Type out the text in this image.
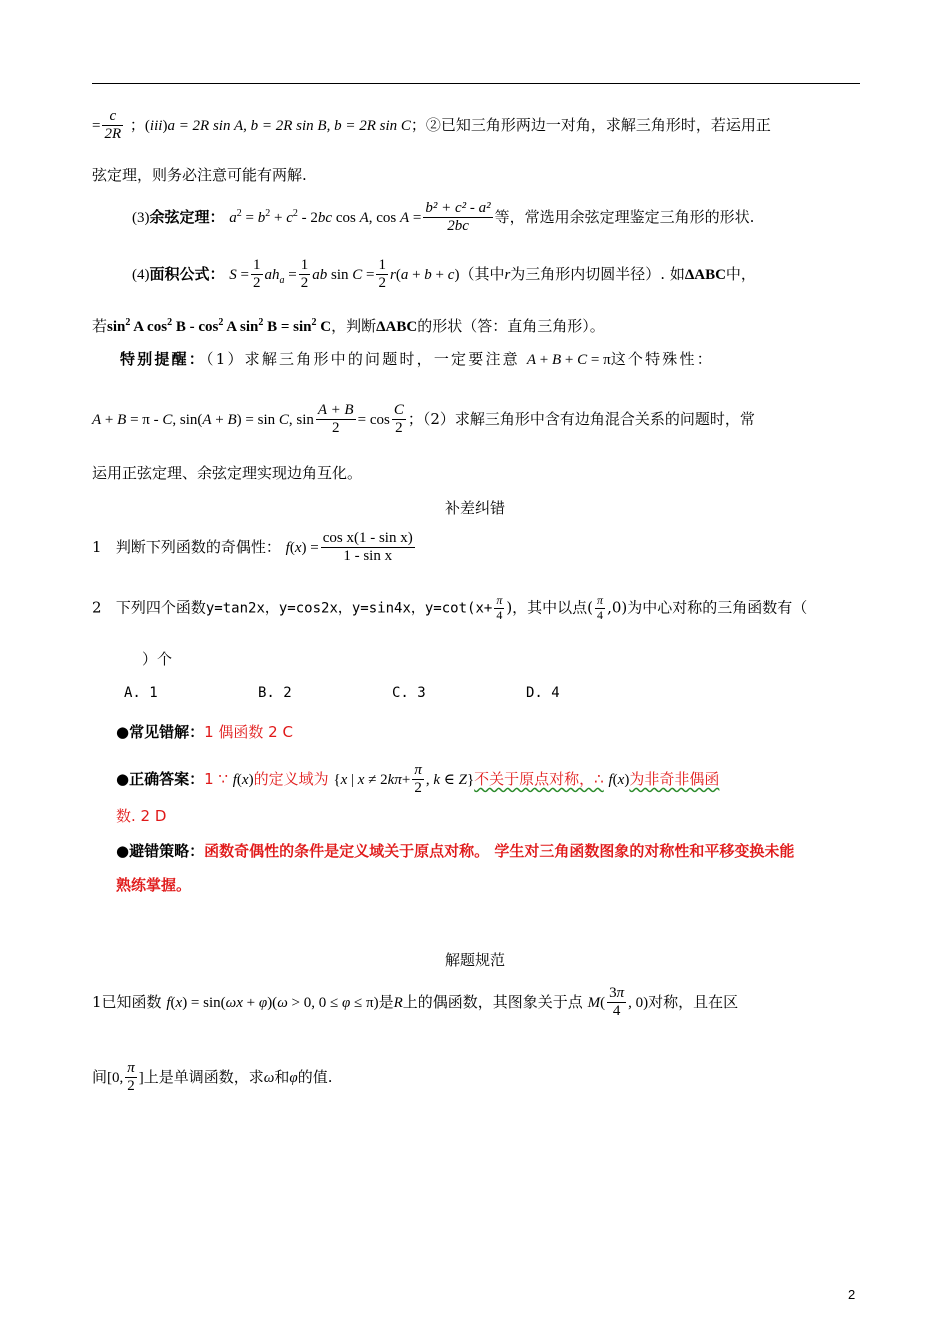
= $\frac{c}{2R}$ ；(iii)a = 2R sin A, b = 2R sin B, b = 2R sin C；②已知三角形两边一对角，求解三角形时，若运用正
弦定理，则务必注意可能有两解.
(3)余弦定理： $a^2 = b^2 + c^2 - 2bc$ cos A, $\cos A = \frac{\text{b² + c² - a²}}{2bc}$ 等，常选用余弦定理鉴定三角形的形状.
(4)面积公式： $S = \frac{1}{2} ah_a = \frac{1}{2}$ ab $\sin C = \frac{1}{2} r(a + b + c)$（其中r为三角形内切圆半径）. 如ΔABC中，
若$\sin^2 A$ $\cos^2 B - \cos^2 A$ $\sin^2 B = \sin^2 C$，判断ΔABC的形状（答：直角三角形）。
特别提醒：（1）求解三角形中的问题时，一定要注意 A + B + C = π这个特殊性：
A + B = π - C, sin(A + B) = sin C, $\sin \frac{A + B}{2} = \cos \frac{C}{2}$ ；（2）求解三角形中含有边角混合关系的问题时，常
运用正弦定理、余弦定理实现边角互化。
补差纠错
1 判断下列函数的奇偶性： $f(x) = \frac{\text{cos x(1 - sin x)}}{\text{1 - sin x}}$
2 下列四个函数y=tan2x，y=cos2x，y=sin4x，$y=\cot(x+ \frac{\pi}{4}$ )，其中以点( $\frac{\pi}{4} ,0$)为中心对称的三角函数有（
）个
A. 1	B. 2	C. 3	D. 4
●常见错解：1 偶函数 2 C
●正确答案：1 ∵ f(x)的定义域为 {x | $x \ne 2k\pi+ \frac{\pi}{2}$ , k ∈ Z}不关于原点对称，∴ f(x)为非奇非偶函
数. 2 D
●避错策略：函数奇偶性的条件是定义域关于原点对称。 学生对三角函数图象的对称性和平移变换未能
熟练掌握。
解题规范
1已知函数 f(x) = sin(ωx + φ)(ω > 0, 0 ≤ φ ≤ π)是R上的偶函数，其图象关于点 $M( \frac{3\pi}{4}$ , 0)对称，且在区
间[0, $\frac{\pi}{2}$ ]上是单调函数，求ω和φ的值.
2
